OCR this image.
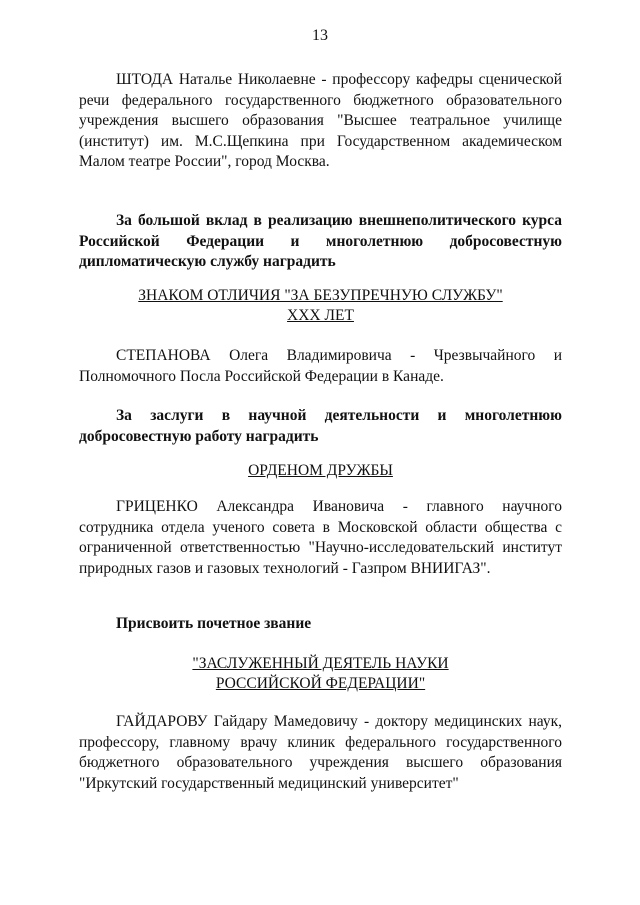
13
ШТОДА Наталье Николаевне - профессору кафедры сценической речи федерального государственного бюджетного образовательного учреждения высшего образования "Высшее театральное училище (институт) им. М.С.Щепкина при Государственном академическом Малом театре России", город Москва.
За большой вклад в реализацию внешнеполитического курса Российской Федерации и многолетнюю добросовестную дипломатическую службу наградить
ЗНАКОМ ОТЛИЧИЯ "ЗА БЕЗУПРЕЧНУЮ СЛУЖБУ"
XXX ЛЕТ
СТЕПАНОВА Олега Владимировича - Чрезвычайного и Полномочного Посла Российской Федерации в Канаде.
За заслуги в научной деятельности и многолетнюю добросовестную работу наградить
ОРДЕНОМ ДРУЖБЫ
ГРИЦЕНКО Александра Ивановича - главного научного сотрудника отдела ученого совета в Московской области общества с ограниченной ответственностью "Научно-исследовательский институт природных газов и газовых технологий - Газпром ВНИИГАЗ".
Присвоить почетное звание
"ЗАСЛУЖЕННЫЙ ДЕЯТЕЛЬ НАУКИ
РОССИЙСКОЙ ФЕДЕРАЦИИ"
ГАЙДАРОВУ Гайдару Мамедовичу - доктору медицинских наук, профессору, главному врачу клиник федерального государственного бюджетного образовательного учреждения высшего образования "Иркутский государственный медицинский университет"
